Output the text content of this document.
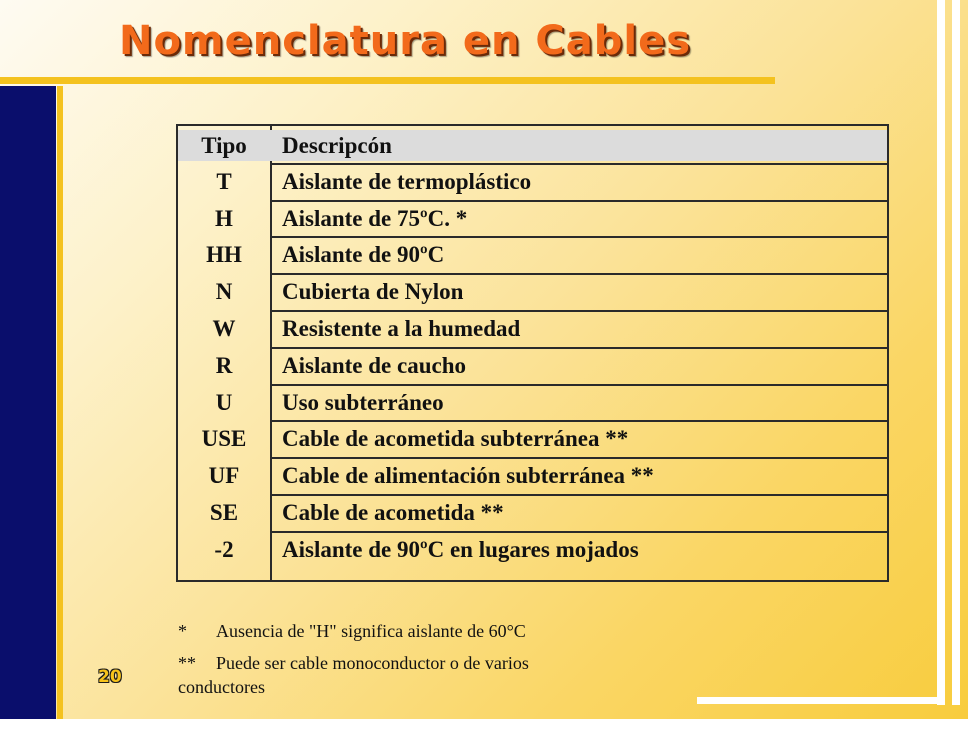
Nomenclatura en Cables
Tipo	Descripcón
T	Aislante de termoplástico
H	Aislante de 75ºC. *
HH	Aislante de 90ºC
N	Cubierta de Nylon
W	Resistente a la humedad
R	Aislante de caucho
U	Uso subterráneo
USE	Cable de acometida subterránea **
UF	Cable de alimentación subterránea **
SE	Cable de acometida **
-2	Aislante de 90ºC en lugares mojados
* Ausencia de "H" significa aislante de 60°C
** Puede ser cable monoconductor o de varios
conductores
20
